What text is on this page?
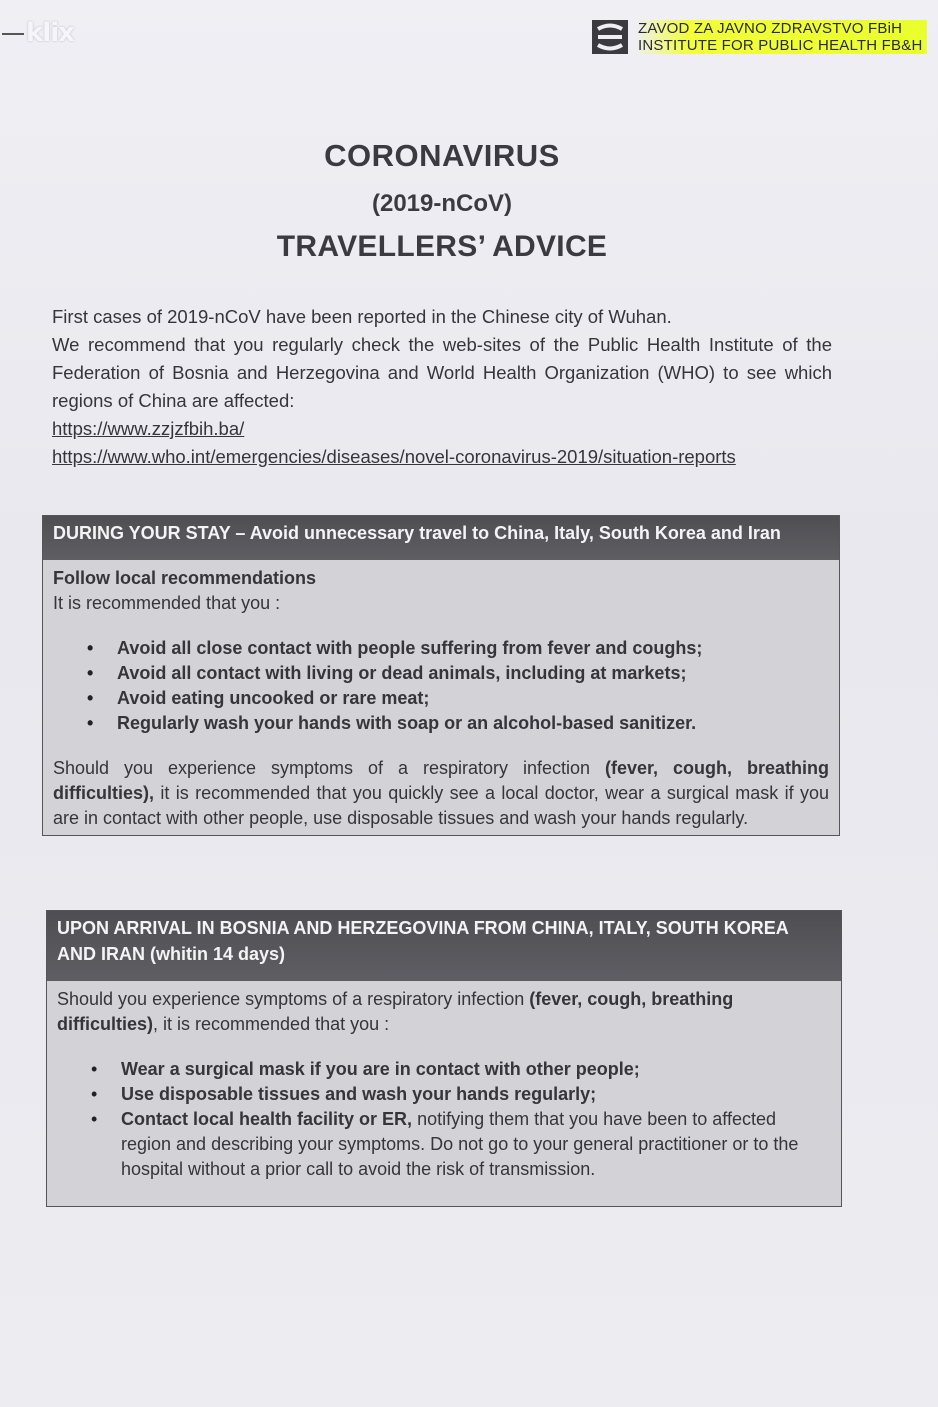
klix	ZAVOD ZA JAVNO ZDRAVSTVO FBiH
INSTITUTE FOR PUBLIC HEALTH FB&H
CORONAVIRUS
(2019-nCoV)
TRAVELLERS’ ADVICE

First cases of 2019-nCoV have been reported in the Chinese city of Wuhan.

We recommend that you regularly check the web-sites of the Public Health Institute of the Federation of Bosnia and Herzegovina and World Health Organization (WHO) to see which regions of China are affected:

https://www.zzjzfbih.ba/

https://www.who.int/emergencies/diseases/novel-coronavirus-2019/situation-reports

DURING YOUR STAY – Avoid unnecessary travel to China, Italy, South Korea and Iran

Follow local recommendations

It is recommended that you :

• Avoid all close contact with people suffering from fever and coughs;
• Avoid all contact with living or dead animals, including at markets;
• Avoid eating uncooked or rare meat;
• Regularly wash your hands with soap or an alcohol-based sanitizer.

Should you experience symptoms of a respiratory infection (fever, cough, breathing difficulties), it is recommended that you quickly see a local doctor, wear a surgical mask if you are in contact with other people, use disposable tissues and wash your hands regularly.

UPON ARRIVAL IN BOSNIA AND HERZEGOVINA FROM CHINA, ITALY, SOUTH KOREA AND IRAN (whitin 14 days)

Should you experience symptoms of a respiratory infection (fever, cough, breathing difficulties), it is recommended that you :

• Wear a surgical mask if you are in contact with other people;
• Use disposable tissues and wash your hands regularly;
• Contact local health facility or ER, notifying them that you have been to affected region and describing your symptoms. Do not go to your general practitioner or to the hospital without a prior call to avoid the risk of transmission.
